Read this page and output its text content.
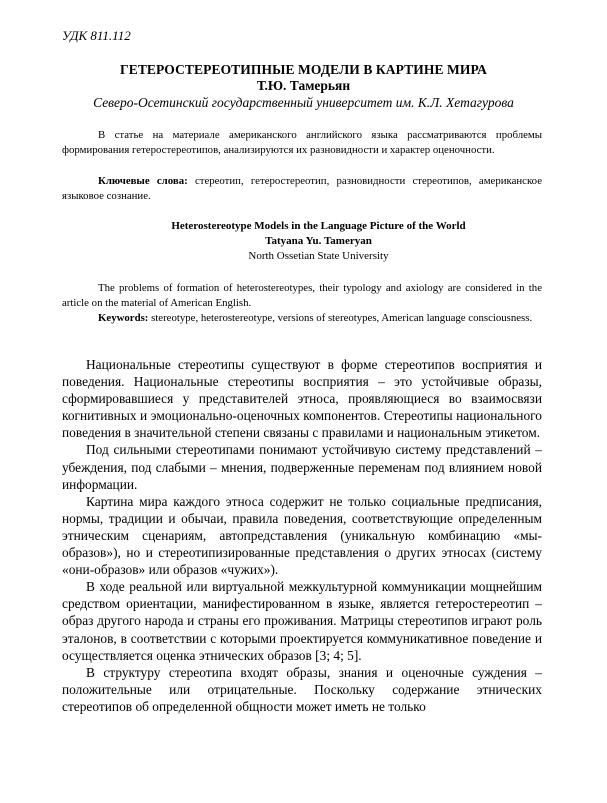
УДК 811.112
ГЕТЕРОСТЕРЕОТИПНЫЕ МОДЕЛИ В КАРТИНЕ МИРА
Т.Ю. Тамерьян
Северо-Осетинский государственный университет им. К.Л. Хетагурова

В статье на материале американского английского языка рассматриваются проблемы формирования гетеростереотипов, анализируются их разновидности и характер оценочности.

Ключевые слова: стереотип, гетеростереотип, разновидности стереотипов, американское языковое сознание.

Heterostereotype Models in the Language Picture of the World
Tatyana Yu. Tameryan
North Ossetian State University

The problems of formation of heterostereotypes, their typology and axiology are considered in the article on the material of American English.

Keywords: stereotype, heterostereotype, versions of stereotypes, American language consciousness.

Национальные стереотипы существуют в форме стереотипов восприятия и поведения. Национальные стереотипы восприятия – это устойчивые образы, сформировавшиеся у представителей этноса, проявляющиеся во взаимосвязи когнитивных и эмоционально-оценочных компонентов. Стереотипы национального поведения в значительной степени связаны с правилами и национальным этикетом.

Под сильными стереотипами понимают устойчивую систему представлений – убеждения, под слабыми – мнения, подверженные переменам под влиянием новой информации.

Картина мира каждого этноса содержит не только социальные предписания, нормы, традиции и обычаи, правила поведения, соответствующие определенным этническим сценариям, автопредставления (уникальную комбинацию «мы-образов»), но и стереотипизированные представления о других этносах (систему «они-образов» или образов «чужих»).

В ходе реальной или виртуальной межкультурной коммуникации мощнейшим средством ориентации, манифестированном в языке, является гетеростереотип – образ другого народа и страны его проживания. Матрицы стереотипов играют роль эталонов, в соответствии с которыми проектируется коммуникативное поведение и осуществляется оценка этнических образов [3; 4; 5].

В структуру стереотипа входят образы, знания и оценочные суждения – положительные или отрицательные. Поскольку содержание этнических стереотипов об определенной общности может иметь не только
